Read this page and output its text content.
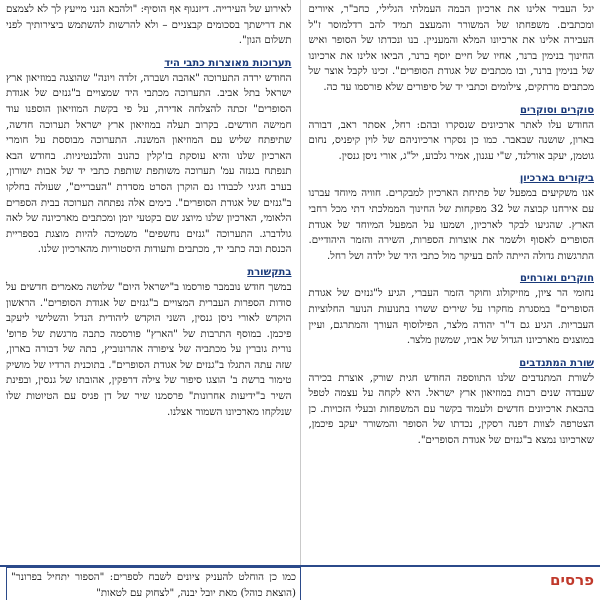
יגל העביר אלינו את ארכיון הבמה העמלתי הגלילי, כחב"ר, איורים ומכתבים. משפחתו של המשורר והמעצב תמיד להב רדלמוסר ז"ל העבירה אלינו את ארכיונו המלא והמעניין. בנו ונכדתו של הסופר ואיש החינוך בנימין ברנר, אחיו של חיים יוסף ברנר, הביאו אלינו את ארכיונו של בנימין ברנר, ובו מכתבים של אגודת הסופרים". זכינו לקבל אוצר של מכתבים מרתקים, צילומים וכתבי יד של סיפורים שלא פורסמו עד כה.

סוקרים וסוקרים

החודש עלו לאתר ארכיונים שנסקרו ובהם: רחל, אסתר ראב, דבורה בארון, שושנה שבאבר. כמו כן נסקרו ארכיוניהם של לוין קיפניס, נחום גוטמן, יעקב אורלנד, ש"י עגנון, אמיר גלבוע, יל"ג, אורי ניסן גנסין.

ביקורים בארכיון

אנו משקיעים במפעל של פתיחת הארכיון למבקרים. חוויה מיוחד עברנו עם אירחנו קבוצה של 32 מפקחות של החינוך הממלכתי דתי מכל רחבי הארץ. שהגיעו לבקר לארכיון, ושמעו על המפעל המיוחד של אגודת הסופרים לאסוף ולשמר את אוצרות הספרות, השירה והזמר היהודיים. התרגשות גדולה הייתה להם בעיקר מול כתבי היד של ילדה ושל רחל.

חוקרים ואורחים

נחומי הר ציון, מוזיקולוג וחוקר הזמר העברי, הגיע ל"גנזים של אגודת הסופרים" במסגרת מחקרו על שירים ששרו בתנועות הנוער החלוציות העבריות. הגיע גם ד"ר יהודה מלצר, הפילוסוף העורך והמתרגם, ועיין במוצגים מארכיונו הגדול של אביו, שמשון מלצר.

שורת המתנדבים

לשורת המתנדבים שלנו התווספה החודש חגית שורק, אוצרת בכירה שעבדה שנים רבות במוזיאון ארץ ישראל. היא לקחה על עצמה לטפל בהבאת ארכיונים חדשים ולעמוד בקשר עם המשפחות ובעלי הזכויות. כן הצטרפה לצוות דפנה רסקין, נכדתו של הסופר והמשורר יעקב פיכמן, שארכיונו נמצא ב"גנזים של אגודת הסופרים".

לאירוע של העירייה. דיזנגוף אף הוסיף: "ולהבא הנני מייעץ לך לא לצמצם את דרישתך בסכומים קבצניים – ולא להרשות להשתמש ביצירותיך לפני תשלום הגון".

תערוכות מאוצרות כתבי היד

החודש ירדה התערוכה "אהבה ושברה, זלדה ויונה" שהוצגה במוזיאון ארץ ישראל בתל אביב. התערוכה מכתבי היד שמצויים ב"גנזים של אגודת הסופרים" זכתה להצלחה אדירה, על פי בקשת המוזיאון הוספנו עוד חמישה חודשים. בקרוב תעלה במוזיאון ארץ ישראל תערוכה חדשה, שתיפתח שליש עם המוזיאון המשנה. התערוכה מבוססת על חומרי הארכיון שלנו והיא עוסקת בז'קלין כהנוב והלבנטיניות. בחודש הבא תנפתח בגנזה עמ' תערוכה משותפת שותפת כתבי יד של אבות ישורון, בערב חגיגי לכבודו גם הוקרן הסרט מסדרת "העבריים", שעולה בחלקו ב"גנזים של אגודת הסופרים". בימים אלה נפתחה תערוכה בבית הספרים הלאומי, הארכיון שלנו מיוצג שם בקטעי יומן ומכתבים מארכיונה של לאה גולדברג. התערוכה "גנזים נחשפים" משמיכה להיות מוצגת בספריית הכנסת ובה כתבי יד, מכתבים ותעודות היסטוריות מהארכיון שלנו.

בתקשורת

במשך חודש נובמבר פורסמו ב"ישראל היום" שלושה מאמרים חדשים על סודות הספרות העברית המצויים ב"גנזים של אגודת הסופרים". הראשון הוקדש לאורי ניסן גנסין, השני הוקדש ליהודית הנדל והשלישי ליעקב פיכמן. במוסף התרבות של "הארץ" פורסמה כתבה מרגשת של פרופ' נורית גוברין על מכתביה של ציפורה אהרונוביץ, בתה של דבורה בארון, שזה עתה התגלו ב"גנזים של אגודת הסופרים". בתוכנית הרדיו של מושיק טימור ברשת ב' הוצגו סיפור של צילה דרפקין, אהובתו של גנסין, ובפינת השיר ב"ידיעות אחרונות" פרסמנו שיר של דן פגיס עם הטיוטות שלו שנלקחו מארכיונו השמור אצלנו.

פרסים
כמו כן הוחלט להעניק ציונים לשבח לספרים: "הספור יתחיל בפרונר" (הוצאת כוהל) מאת יובל יבנה, "לצחוק עם לטאות"
